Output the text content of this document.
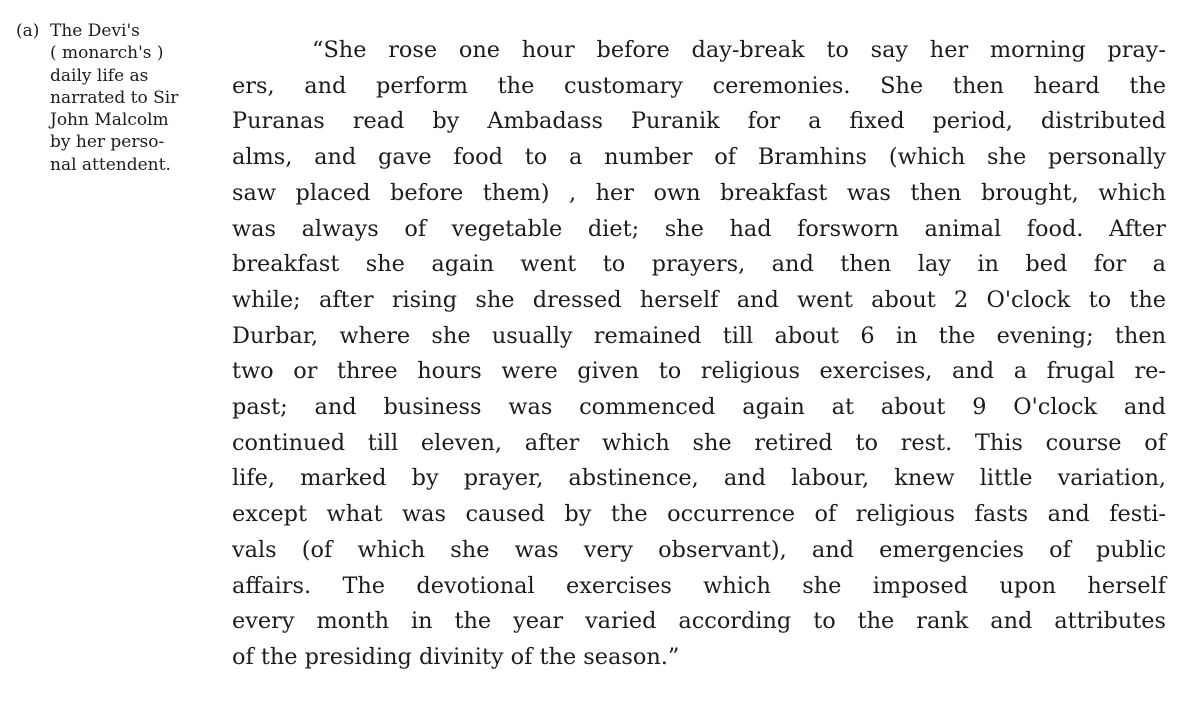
(a) The Devi's
( monarch's )
daily life as
narrated to Sir
John Malcolm
by her perso-
nal attendent.
“She rose one hour before day-break to say her morning pray-
ers, and perform the customary ceremonies. She then heard the
Puranas read by Ambadass Puranik for a fixed period, distributed
alms, and gave food to a number of Bramhins (which she personally
saw placed before them) , her own breakfast was then brought, which
was always of vegetable diet; she had forsworn animal food. After
breakfast she again went to prayers, and then lay in bed for a
while; after rising she dressed herself and went about 2 O'clock to the
Durbar, where she usually remained till about 6 in the evening; then
two or three hours were given to religious exercises, and a frugal re-
past; and business was commenced again at about 9 O'clock and
continued till eleven, after which she retired to rest. This course of
life, marked by prayer, abstinence, and labour, knew little variation,
except what was caused by the occurrence of religious fasts and festi-
vals (of which she was very observant), and emergencies of public
affairs. The devotional exercises which she imposed upon herself
every month in the year varied according to the rank and attributes
of the presiding divinity of the season.”
